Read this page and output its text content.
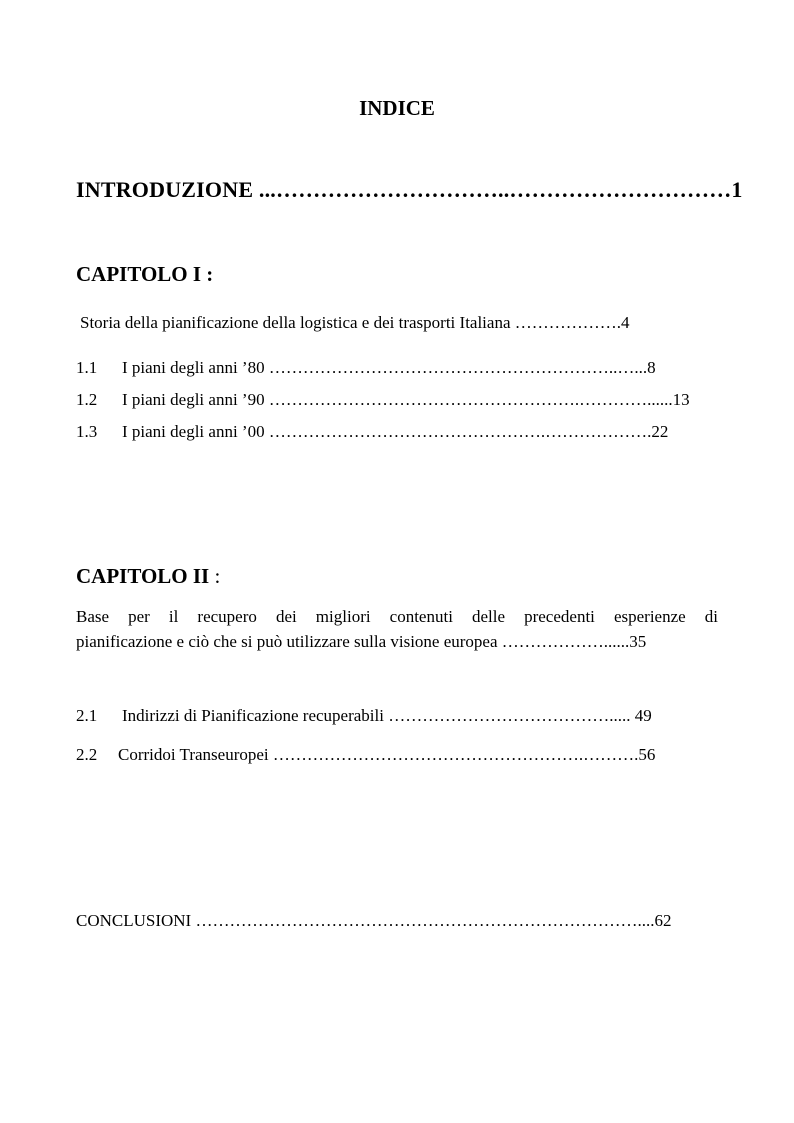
INDICE
INTRODUZIONE ...…………………………..…………………………1
CAPITOLO I :
Storia della pianificazione della logistica e dei trasporti Italiana ……………….4
1.1 I piani degli anni ’80 ……………………………………………………..…...8
1.2 I piani degli anni ’90 ……………………………………………….…………......13
1.3 I piani degli anni ’00 ………………………………………….……………….22
CAPITOLO II :
Base per il recupero dei migliori contenuti delle precedenti esperienze di
pianificazione e ciò che si può utilizzare sulla visione europea ………………......35
2.1 Indirizzi di Pianificazione recuperabili …………………………………..... 49
2.2 Corridoi Transeuropei ……………………………………………….……….56
CONCLUSIONI ……………………………………………………………………....62
